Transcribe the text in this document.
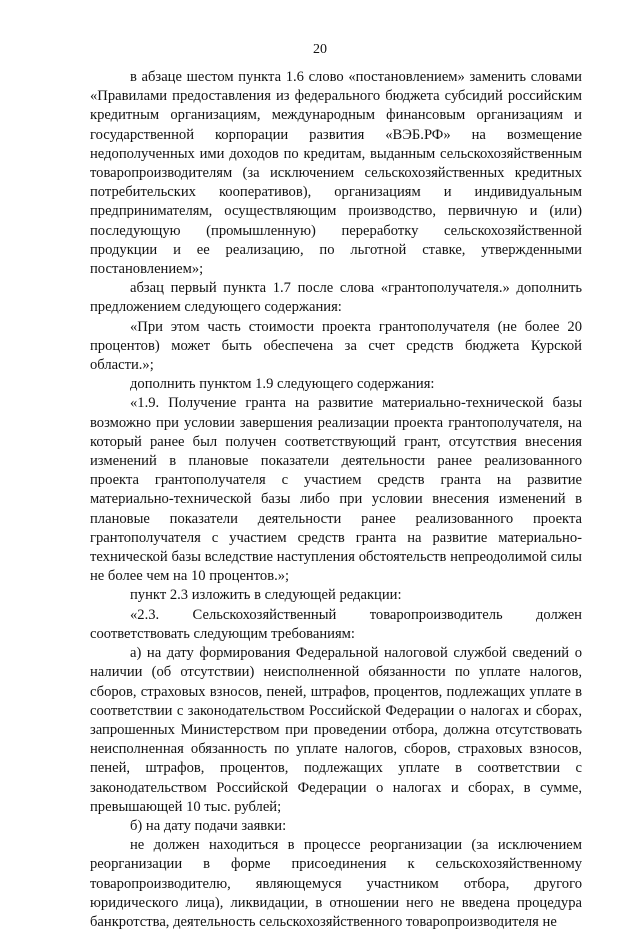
20

в абзаце шестом пункта 1.6 слово «постановлением» заменить словами «Правилами предоставления из федерального бюджета субсидий российским кредитным организациям, международным финансовым организациям и государственной корпорации развития «ВЭБ.РФ» на возмещение недополученных ими доходов по кредитам, выданным сельскохозяйственным товаропроизводителям (за исключением сельскохозяйственных кредитных потребительских кооперативов), организациям и индивидуальным предпринимателям, осуществляющим производство, первичную и (или) последующую (промышленную) переработку сельскохозяйственной продукции и ее реализацию, по льготной ставке, утвержденными постановлением»;

абзац первый пункта 1.7 после слова «грантополучателя.» дополнить предложением следующего содержания:

«При этом часть стоимости проекта грантополучателя (не более 20 процентов) может быть обеспечена за счет средств бюджета Курской области.»;

дополнить пунктом 1.9 следующего содержания:

«1.9. Получение гранта на развитие материально-технической базы возможно при условии завершения реализации проекта грантополучателя, на который ранее был получен соответствующий грант, отсутствия внесения изменений в плановые показатели деятельности ранее реализованного проекта грантополучателя с участием средств гранта на развитие материально-технической базы либо при условии внесения изменений в плановые показатели деятельности ранее реализованного проекта грантополучателя с участием средств гранта на развитие материально-технической базы вследствие наступления обстоятельств непреодолимой силы не более чем на 10 процентов.»;

пункт 2.3 изложить в следующей редакции:

«2.3. Сельскохозяйственный товаропроизводитель должен соответствовать следующим требованиям:

а) на дату формирования Федеральной налоговой службой сведений о наличии (об отсутствии) неисполненной обязанности по уплате налогов, сборов, страховых взносов, пеней, штрафов, процентов, подлежащих уплате в соответствии с законодательством Российской Федерации о налогах и сборах, запрошенных Министерством при проведении отбора, должна отсутствовать неисполненная обязанность по уплате налогов, сборов, страховых взносов, пеней, штрафов, процентов, подлежащих уплате в соответствии с законодательством Российской Федерации о налогах и сборах, в сумме, превышающей 10 тыс. рублей;

б) на дату подачи заявки:

не должен находиться в процессе реорганизации (за исключением реорганизации в форме присоединения к сельскохозяйственному товаропроизводителю, являющемуся участником отбора, другого юридического лица), ликвидации, в отношении него не введена процедура банкротства, деятельность сельскохозяйственного товаропроизводителя не
